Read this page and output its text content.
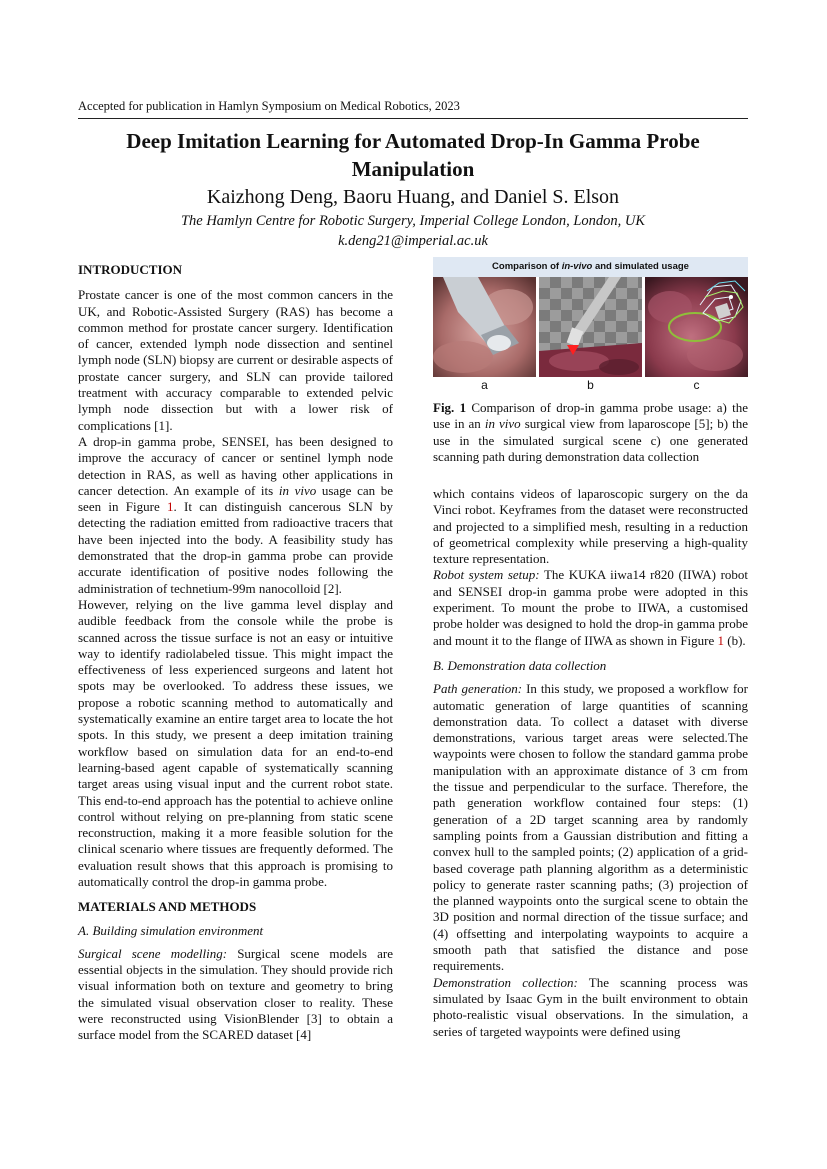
Accepted for publication in Hamlyn Symposium on Medical Robotics, 2023
Deep Imitation Learning for Automated Drop-In Gamma Probe Manipulation
Kaizhong Deng, Baoru Huang, and Daniel S. Elson
The Hamlyn Centre for Robotic Surgery, Imperial College London, London, UK
k.deng21@imperial.ac.uk

INTRODUCTION

Prostate cancer is one of the most common cancers in the UK, and Robotic-Assisted Surgery (RAS) has become a common method for prostate cancer surgery. Identification of cancer, extended lymph node dissection and sentinel lymph node (SLN) biopsy are current or desirable aspects of prostate cancer surgery, and SLN can provide tailored treatment with accuracy comparable to extended pelvic lymph node dissection but with a lower risk of complications [1].

A drop-in gamma probe, SENSEI, has been designed to improve the accuracy of cancer or sentinel lymph node detection in RAS, as well as having other applications in cancer detection. An example of its in vivo usage can be seen in Figure 1. It can distinguish cancerous SLN by detecting the radiation emitted from radioactive tracers that have been injected into the body. A feasibility study has demonstrated that the drop-in gamma probe can provide accurate identification of positive nodes following the administration of technetium-99m nanocolloid [2].

However, relying on the live gamma level display and audible feedback from the console while the probe is scanned across the tissue surface is not an easy or intuitive way to identify radiolabeled tissue. This might impact the effectiveness of less experienced surgeons and latent hot spots may be overlooked. To address these issues, we propose a robotic scanning method to automatically and systematically examine an entire target area to locate the hot spots. In this study, we present a deep imitation training workflow based on simulation data for an end-to-end learning-based agent capable of systematically scanning target areas using visual input and the current robot state. This end-to-end approach has the potential to achieve online control without relying on pre-planning from static scene reconstruction, making it a more feasible solution for the clinical scenario where tissues are frequently deformed. The evaluation result shows that this approach is promising to automatically control the drop-in gamma probe.

MATERIALS AND METHODS

A. Building simulation environment

Surgical scene modelling: Surgical scene models are essential objects in the simulation. They should provide rich visual information both on texture and geometry to bring the simulated visual observation closer to reality. These were reconstructed using VisionBlender [3] to obtain a surface model from the SCARED dataset [4]

Comparison of in-vivo and simulated usage
a	b	c
Fig. 1 Comparison of drop-in gamma probe usage: a) the use in an in vivo surgical view from laparoscope [5]; b) the use in the simulated surgical scene c) one generated scanning path during demonstration data collection

which contains videos of laparoscopic surgery on the da Vinci robot. Keyframes from the dataset were reconstructed and projected to a simplified mesh, resulting in a reduction of geometrical complexity while preserving a high-quality texture representation.

Robot system setup: The KUKA iiwa14 r820 (IIWA) robot and SENSEI drop-in gamma probe were adopted in this experiment. To mount the probe to IIWA, a customised probe holder was designed to hold the drop-in gamma probe and mount it to the flange of IIWA as shown in Figure 1 (b).

B. Demonstration data collection

Path generation: In this study, we proposed a workflow for automatic generation of large quantities of scanning demonstration data. To collect a dataset with diverse demonstrations, various target areas were selected.The waypoints were chosen to follow the standard gamma probe manipulation with an approximate distance of 3 cm from the tissue and perpendicular to the surface. Therefore, the path generation workflow contained four steps: (1) generation of a 2D target scanning area by randomly sampling points from a Gaussian distribution and fitting a convex hull to the sampled points; (2) application of a grid-based coverage path planning algorithm as a deterministic policy to generate raster scanning paths; (3) projection of the planned waypoints onto the surgical scene to obtain the 3D position and normal direction of the tissue surface; and (4) offsetting and interpolating waypoints to acquire a smooth path that satisfied the distance and pose requirements.

Demonstration collection: The scanning process was simulated by Isaac Gym in the built environment to obtain photo-realistic visual observations. In the simulation, a series of targeted waypoints were defined using
